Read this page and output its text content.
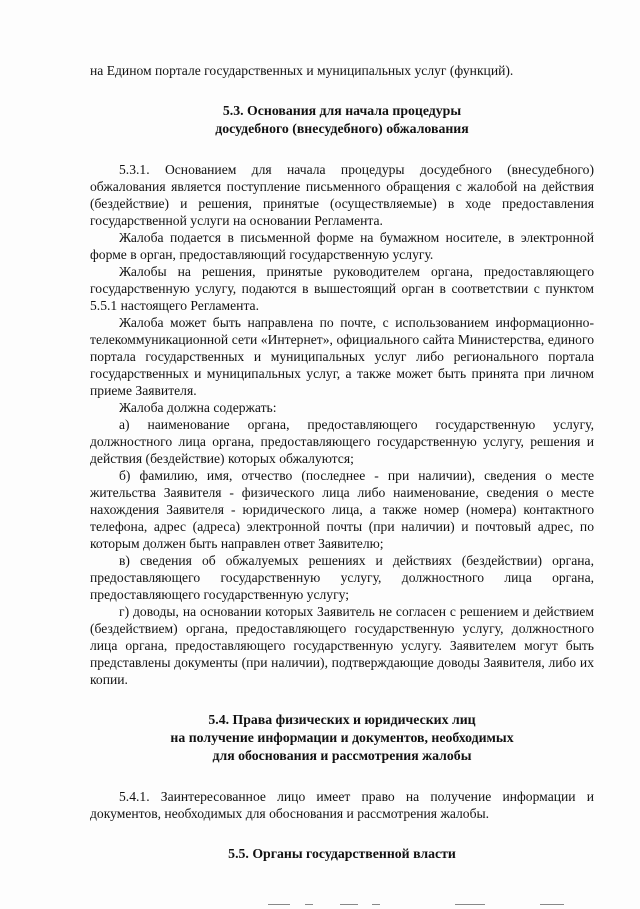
на Едином портале государственных и муниципальных услуг (функций).

5.3. Основания для начала процедуры

досудебного (внесудебного) обжалования

5.3.1. Основанием для начала процедуры досудебного (внесудебного) обжалования является поступление письменного обращения с жалобой на действия (бездействие) и решения, принятые (осуществляемые) в ходе предоставления государственной услуги на основании Регламента.

Жалоба подается в письменной форме на бумажном носителе, в электронной форме в орган, предоставляющий государственную услугу.

Жалобы на решения, принятые руководителем органа, предоставляющего государственную услугу, подаются в вышестоящий орган в соответствии с пунктом 5.5.1 настоящего Регламента.

Жалоба может быть направлена по почте, с использованием информационно-телекоммуникационной сети «Интернет», официального сайта Министерства, единого портала государственных и муниципальных услуг либо регионального портала государственных и муниципальных услуг, а также может быть принята при личном приеме Заявителя.

Жалоба должна содержать:

а) наименование органа, предоставляющего государственную услугу, должностного лица органа, предоставляющего государственную услугу, решения и действия (бездействие) которых обжалуются;

б) фамилию, имя, отчество (последнее - при наличии), сведения о месте жительства Заявителя - физического лица либо наименование, сведения о месте нахождения Заявителя - юридического лица, а также номер (номера) контактного телефона, адрес (адреса) электронной почты (при наличии) и почтовый адрес, по которым должен быть направлен ответ Заявителю;

в) сведения об обжалуемых решениях и действиях (бездействии) органа, предоставляющего государственную услугу, должностного лица органа, предоставляющего государственную услугу;

г) доводы, на основании которых Заявитель не согласен с решением и действием (бездействием) органа, предоставляющего государственную услугу, должностного лица органа, предоставляющего государственную услугу. Заявителем могут быть представлены документы (при наличии), подтверждающие доводы Заявителя, либо их копии.

5.4. Права физических и юридических лиц

на получение информации и документов, необходимых

для обоснования и рассмотрения жалобы

5.4.1. Заинтересованное лицо имеет право на получение информации и документов, необходимых для обоснования и рассмотрения жалобы.

5.5. Органы государственной власти
